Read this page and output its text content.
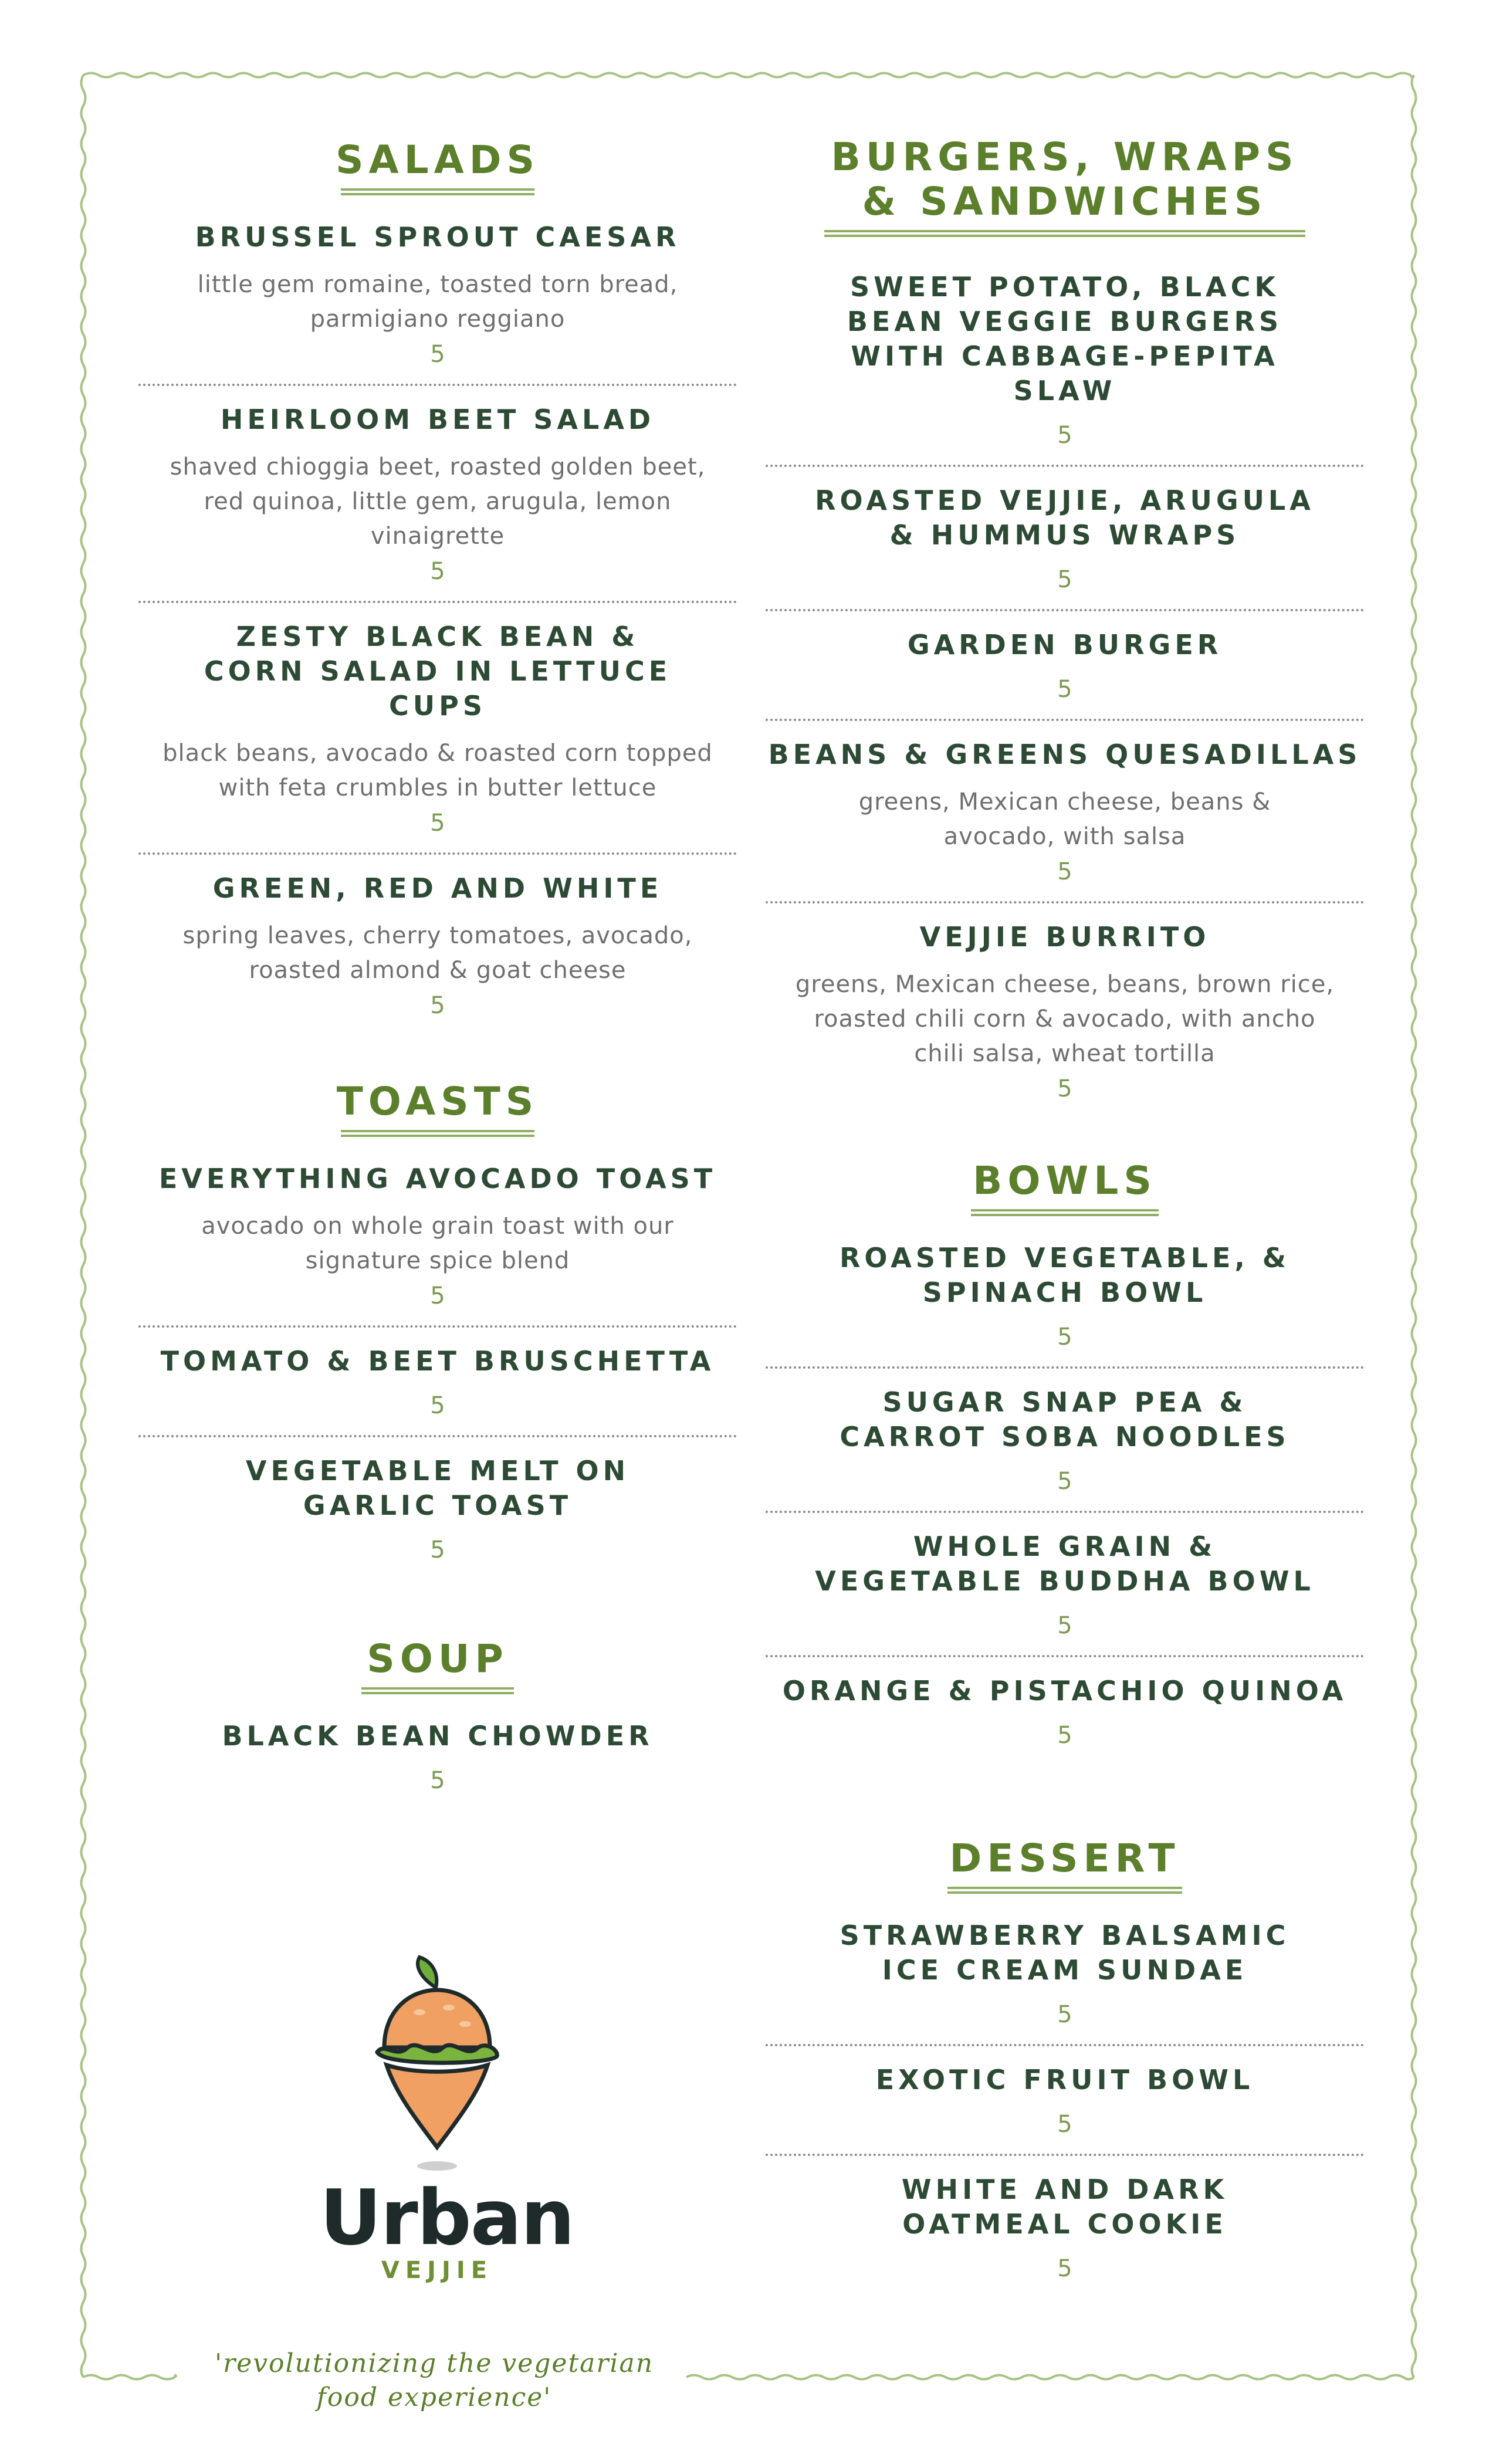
SALADS
BRUSSEL SPROUT CAESAR
little gem romaine, toasted torn bread, parmigiano reggiano
5
HEIRLOOM BEET SALAD
shaved chioggia beet, roasted golden beet, red quinoa, little gem, arugula, lemon vinaigrette
5
ZESTY BLACK BEAN & CORN SALAD IN LETTUCE CUPS
black beans, avocado & roasted corn topped with feta crumbles in butter lettuce
5
GREEN, RED AND WHITE
spring leaves, cherry tomatoes, avocado, roasted almond & goat cheese
5
TOASTS
EVERYTHING AVOCADO TOAST
avocado on whole grain toast with our signature spice blend
5
TOMATO & BEET BRUSCHETTA
5
VEGETABLE MELT ON GARLIC TOAST
5
SOUP
BLACK BEAN CHOWDER
5
BURGERS, WRAPS & SANDWICHES
SWEET POTATO, BLACK BEAN VEGGIE BURGERS WITH CABBAGE-PEPITA SLAW
5
ROASTED VEJJIE, ARUGULA & HUMMUS WRAPS
5
GARDEN BURGER
5
BEANS & GREENS QUESADILLAS
greens, Mexican cheese, beans & avocado, with salsa
5
VEJJIE BURRITO
greens, Mexican cheese, beans, brown rice, roasted chili corn & avocado, with ancho chili salsa, wheat tortilla
5
BOWLS
ROASTED VEGETABLE, & SPINACH BOWL
5
SUGAR SNAP PEA & CARROT SOBA NOODLES
5
WHOLE GRAIN & VEGETABLE BUDDHA BOWL
5
ORANGE & PISTACHIO QUINOA
5
DESSERT
STRAWBERRY BALSAMIC ICE CREAM SUNDAE
5
EXOTIC FRUIT BOWL
5
WHITE AND DARK OATMEAL COOKIE
5
Urban
VEJJIE
'revolutionizing the vegetarian
food experience'
